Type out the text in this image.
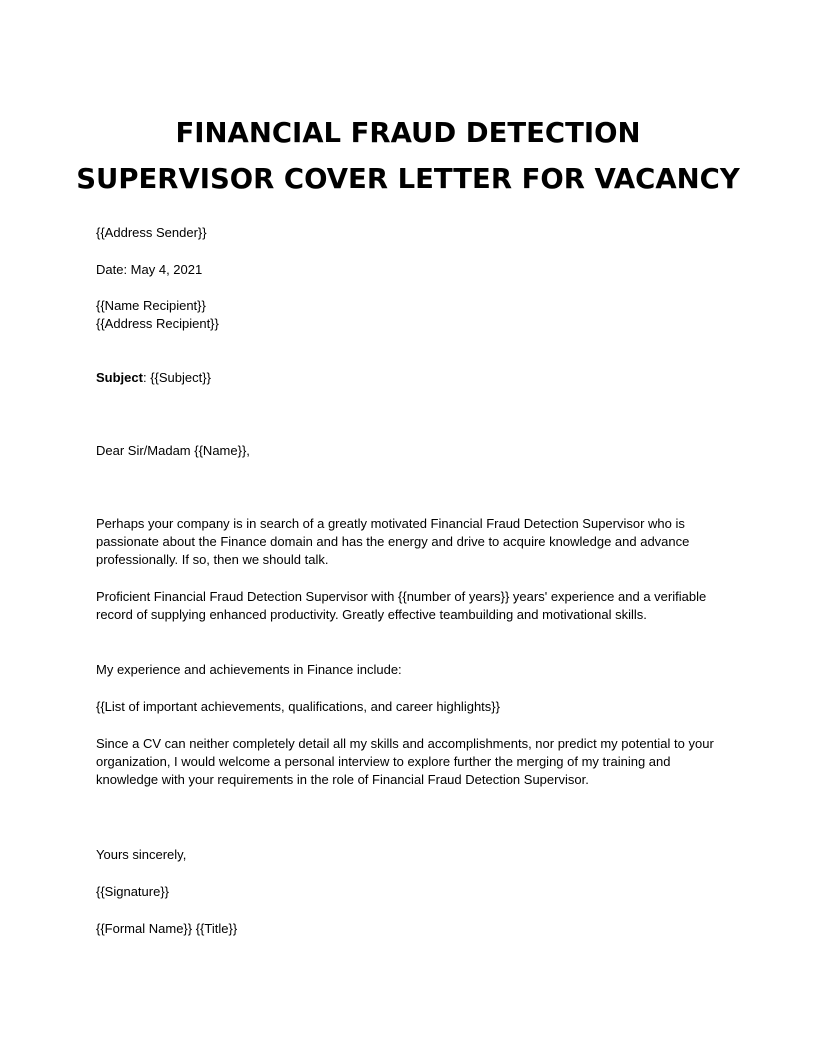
FINANCIAL FRAUD DETECTION
SUPERVISOR COVER LETTER FOR VACANCY

{{Address Sender}}

Date: May 4, 2021

{{Name Recipient}}

{{Address Recipient}}

Subject: {{Subject}}

Dear Sir/Madam {{Name}},

Perhaps your company is in search of a greatly motivated Financial Fraud Detection Supervisor who is passionate about the Finance domain and has the energy and drive to acquire knowledge and advance professionally. If so, then we should talk.

Proficient Financial Fraud Detection Supervisor with {{number of years}} years' experience and a verifiable record of supplying enhanced productivity. Greatly effective teambuilding and motivational skills.

My experience and achievements in Finance include:

{{List of important achievements, qualifications, and career highlights}}

Since a CV can neither completely detail all my skills and accomplishments, nor predict my potential to your organization, I would welcome a personal interview to explore further the merging of my training and knowledge with your requirements in the role of Financial Fraud Detection Supervisor.

Yours sincerely,

{{Signature}}

{{Formal Name}} {{Title}}
